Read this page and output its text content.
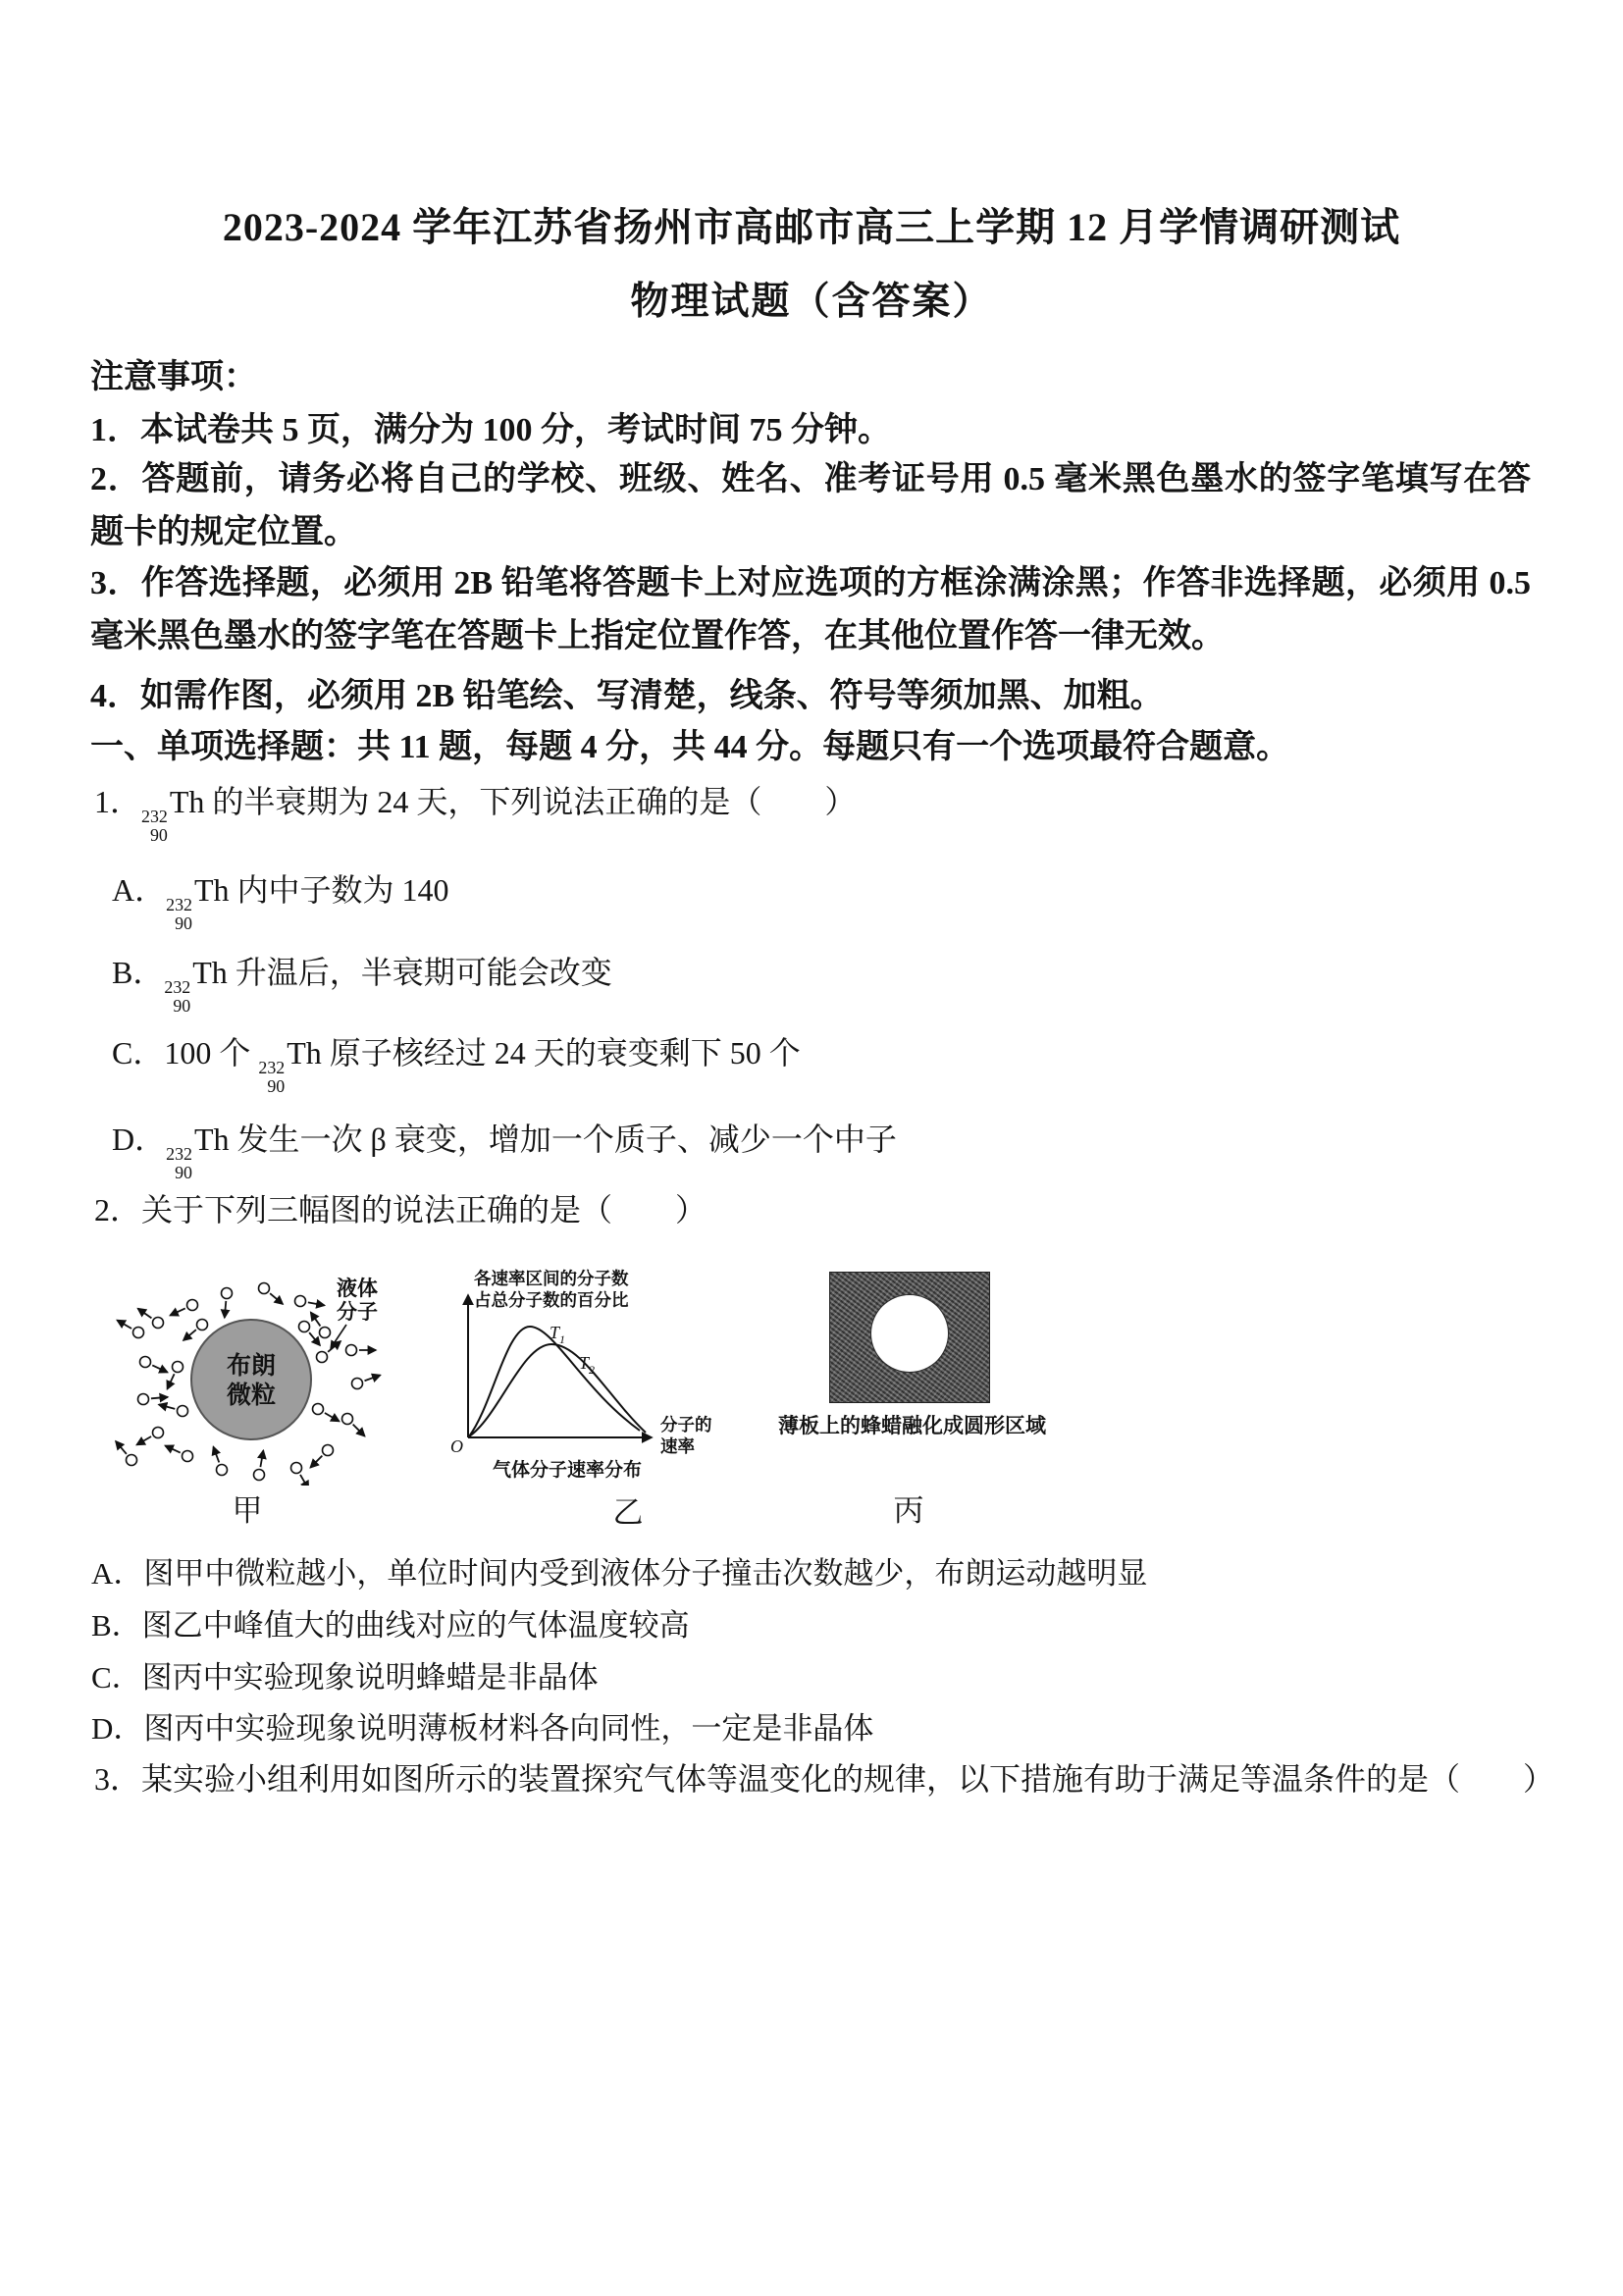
2023-2024 学年江苏省扬州市高邮市高三上学期 12 月学情调研测试
物理试题（含答案）
注意事项：
1．本试卷共 5 页，满分为 100 分，考试时间 75 分钟。
2．答题前，请务必将自己的学校、班级、姓名、准考证号用 0.5 毫米黑色墨水的签字笔填写在答题卡的规定位置。
3．作答选择题，必须用 2B 铅笔将答题卡上对应选项的方框涂满涂黑；作答非选择题，必须用 0.5 毫米黑色墨水的签字笔在答题卡上指定位置作答，在其他位置作答一律无效。
4．如需作图，必须用 2B 铅笔绘、写清楚，线条、符号等须加黑、加粗。
一、单项选择题：共 11 题，每题 4 分，共 44 分。每题只有一个选项最符合题意。
1． 232
90
Th 的半衰期为 24 天，下列说法正确的是（　　）
A． 232
90
Th 内中子数为 140
B． 232
90
Th 升温后，半衰期可能会改变
C．100 个 232
90
Th 原子核经过 24 天的衰变剩下 50 个
D． 232
90
Th 发生一次 β 衰变，增加一个质子、减少一个中子
2．关于下列三幅图的说法正确的是（　　）
布朗
微粒
液体
分子
甲
各速率区间的分子数
占总分子数的百分比
$T_1$
$T_2$
分子的
速率
O
气体分子速率分布
乙
薄板上的蜂蜡融化成圆形区域
丙
A．图甲中微粒越小，单位时间内受到液体分子撞击次数越少，布朗运动越明显
B．图乙中峰值大的曲线对应的气体温度较高
C．图丙中实验现象说明蜂蜡是非晶体
D．图丙中实验现象说明薄板材料各向同性，一定是非晶体
3．某实验小组利用如图所示的装置探究气体等温变化的规律，以下措施有助于满足等温条件的是（　　）
